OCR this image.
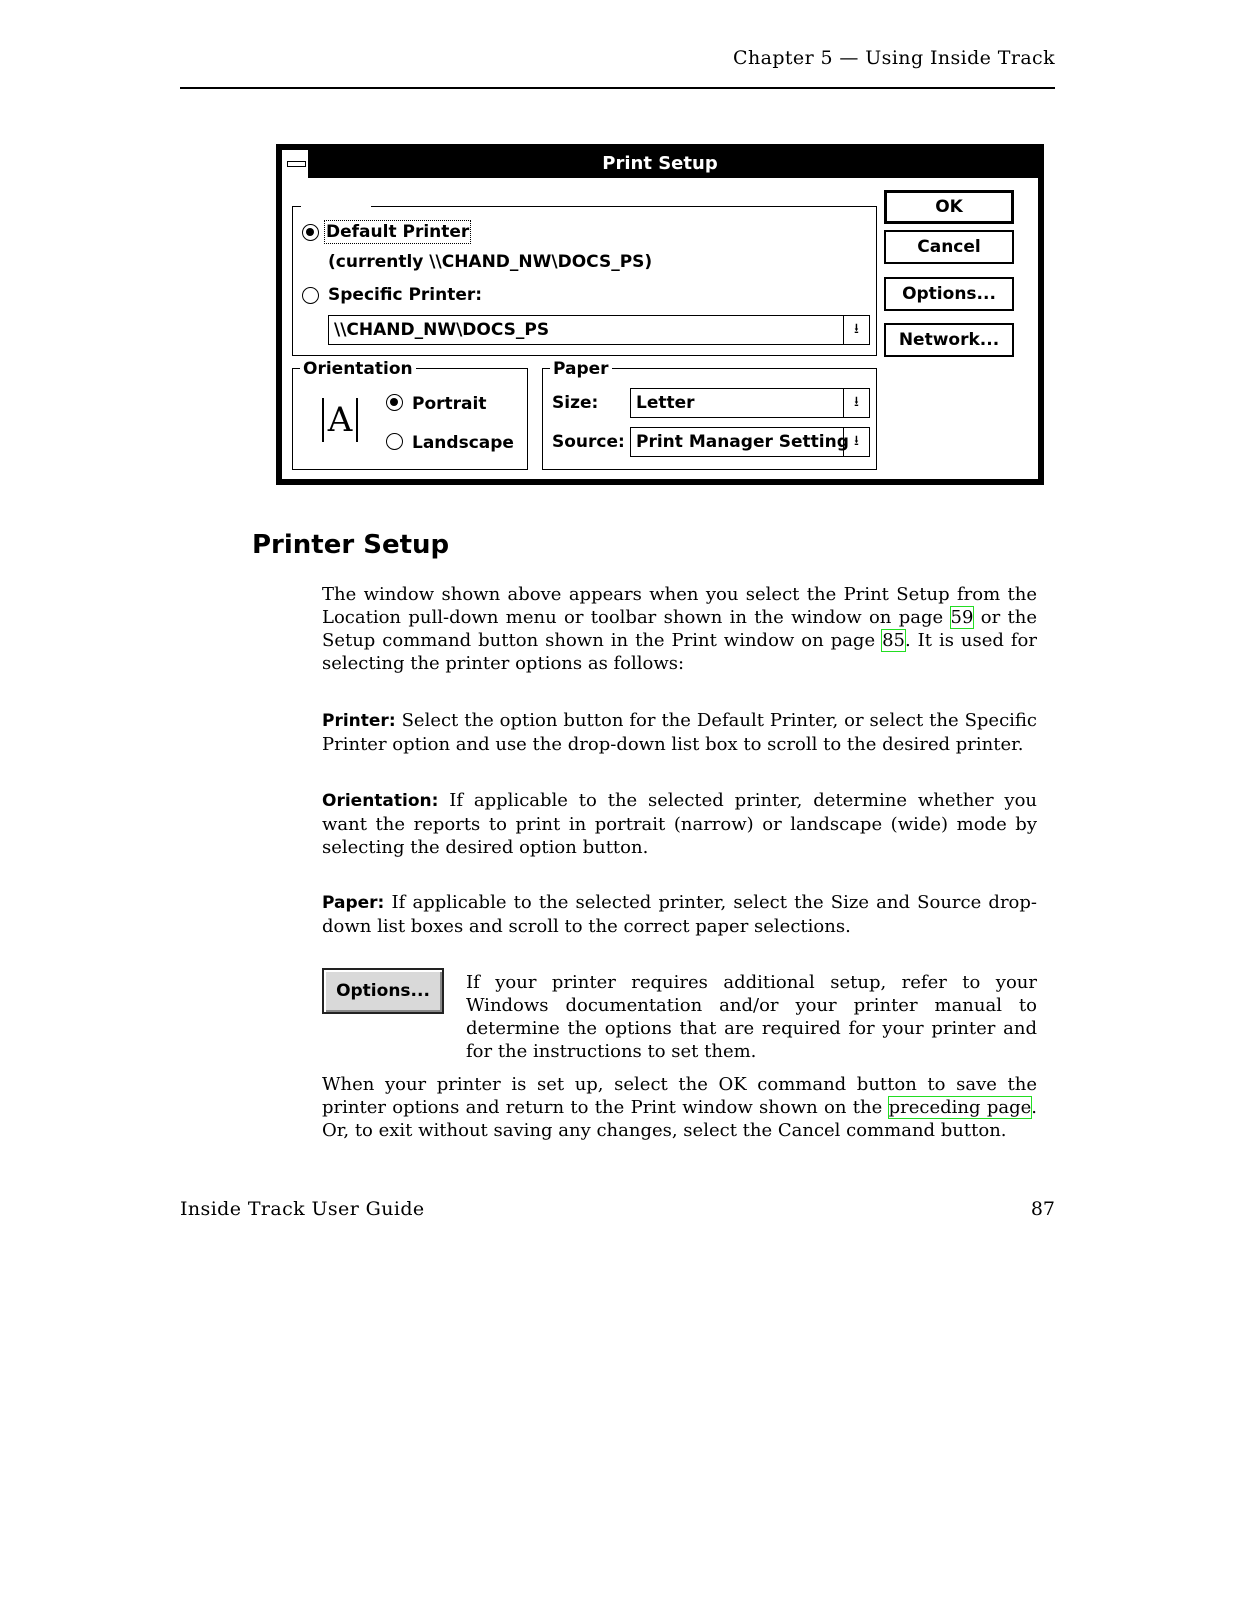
Chapter 5 — Using Inside Track
Print Setup
Default Printer
(currently \\CHAND_NW\DOCS_PS)
Specific Printer:
\\CHAND_NW\DOCS_PS	⭳
Orientation
A	Portrait
Landscape
Paper
Size: Letter	⭳
Source: Print Manager Setting ⭳
OK
Cancel
Options...
Network...
Printer Setup
The window shown above appears when you select the Print Setup from the Location pull-down menu or toolbar shown in the window on page 59 or the Setup command button shown in the Print window on page 85. It is used for selecting the printer options as follows:
Printer: Select the option button for the Default Printer, or select the Specific Printer option and use the drop-down list box to scroll to the desired printer.
Orientation: If applicable to the selected printer, determine whether you want the reports to print in portrait (narrow) or landscape (wide) mode by selecting the desired option button.
Paper: If applicable to the selected printer, select the Size and Source drop-down list boxes and scroll to the correct paper selections.
Options...	If your printer requires additional setup, refer to your Windows documentation and/or your printer manual to determine the options that are required for your printer and for the instructions to set them.
When your printer is set up, select the OK command button to save the printer options and return to the Print window shown on the preceding page. Or, to exit without saving any changes, select the Cancel command button.
Inside Track User Guide	87
